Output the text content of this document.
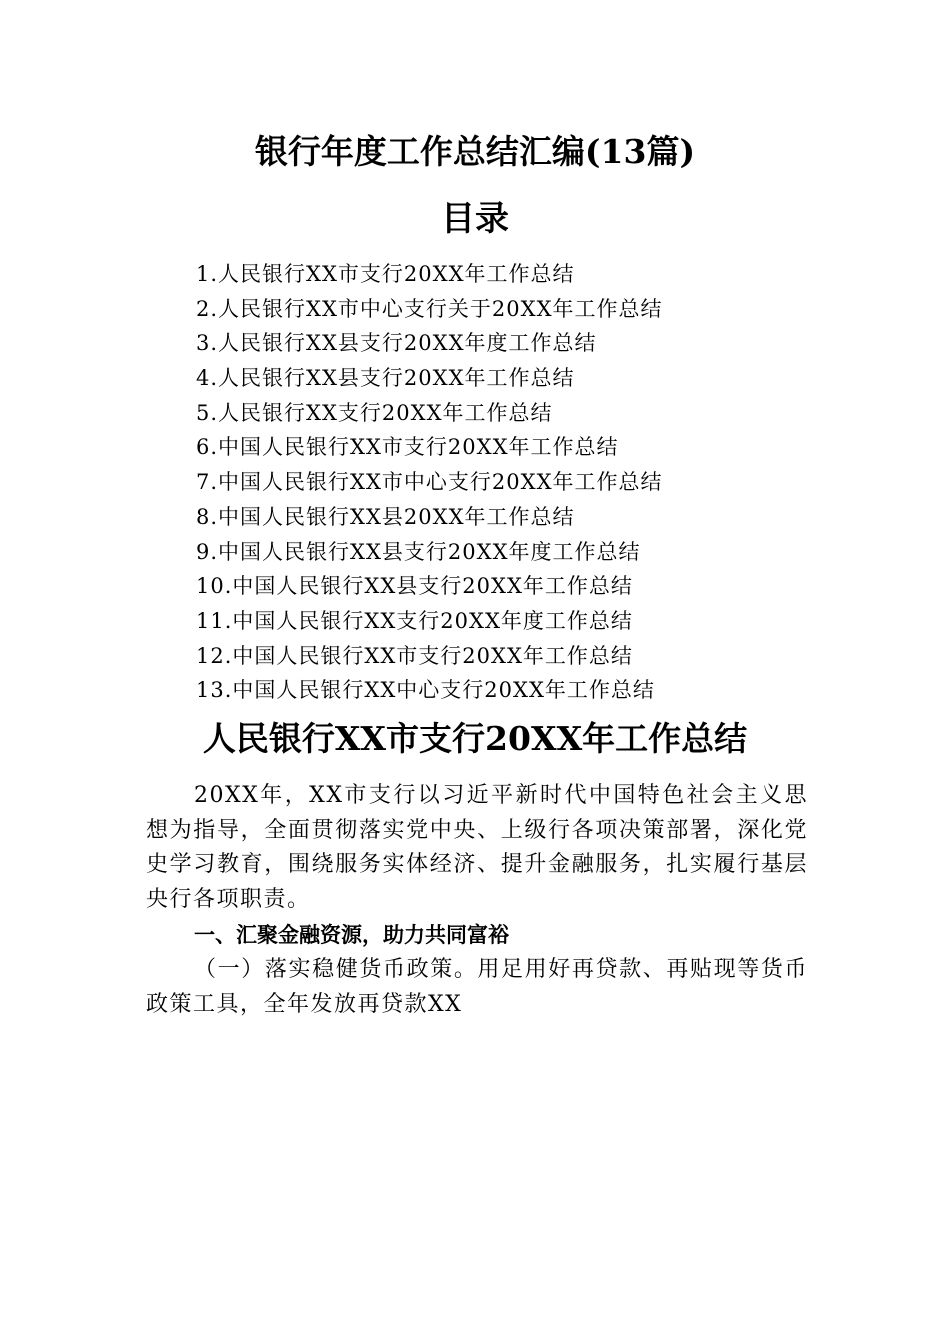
银行年度工作总结汇编(13篇)
目录
1.人民银行XX市支行20XX年工作总结
2.人民银行XX市中心支行关于20XX年工作总结
3.人民银行XX县支行20XX年度工作总结
4.人民银行XX县支行20XX年工作总结
5.人民银行XX支行20XX年工作总结
6.中国人民银行XX市支行20XX年工作总结
7.中国人民银行XX市中心支行20XX年工作总结
8.中国人民银行XX县20XX年工作总结
9.中国人民银行XX县支行20XX年度工作总结
10.中国人民银行XX县支行20XX年工作总结
11.中国人民银行XX支行20XX年度工作总结
12.中国人民银行XX市支行20XX年工作总结
13.中国人民银行XX中心支行20XX年工作总结
人民银行XX市支行20XX年工作总结

20XX年，XX市支行以习近平新时代中国特色社会主义思想为指导，全面贯彻落实党中央、上级行各项决策部署，深化党史学习教育，围绕服务实体经济、提升金融服务，扎实履行基层央行各项职责。

一、汇聚金融资源，助力共同富裕

（一）落实稳健货币政策。用足用好再贷款、再贴现等货币政策工具，全年发放再贷款XX
